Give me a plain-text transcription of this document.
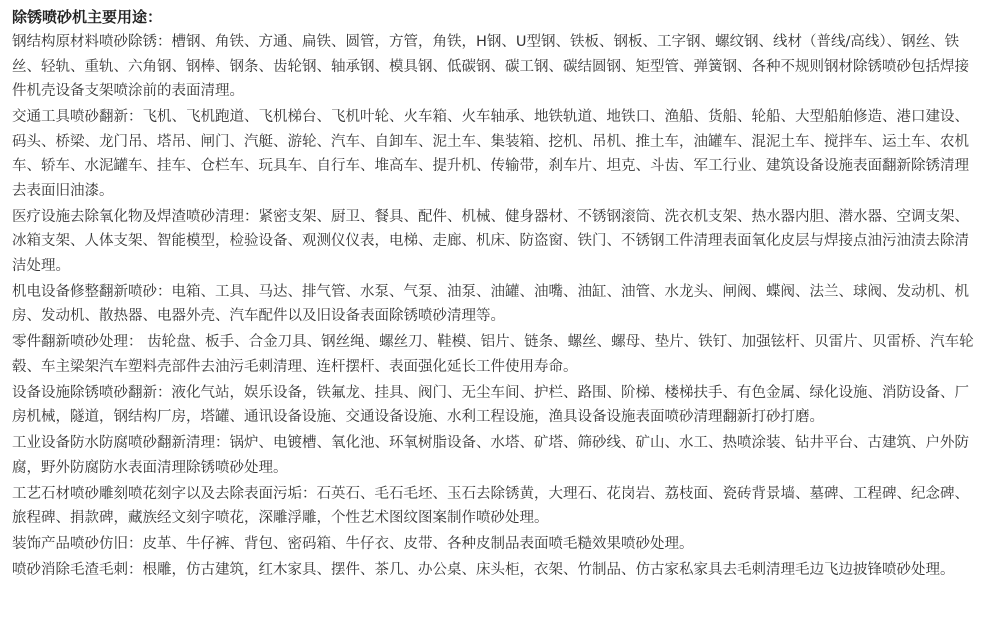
除锈喷砂机主要用途：

钢结构原材料喷砂除锈：槽钢、角铁、方通、扁铁、圆管，方管，角铁，H钢、U型钢、铁板、钢板、工字钢、螺纹钢、线材（普线/高线）、钢丝、铁丝、轻轨、重轨、六角钢、钢棒、钢条、齿轮钢、轴承钢、模具钢、低碳钢、碳工钢、碳结圆钢、矩型管、弹簧钢、各种不规则钢材除锈喷砂包括焊接件机壳设备支架喷涂前的表面清理。

交通工具喷砂翻新：飞机、飞机跑道、飞机梯台、飞机叶轮、火车箱、火车轴承、地铁轨道、地铁口、渔船、货船、轮船、大型船舶修造、港口建设、码头、桥梁、龙门吊、塔吊、闸门、汽艇、游轮、汽车、自卸车、泥土车、集装箱、挖机、吊机、推土车，油罐车、混泥土车、搅拌车、运土车、农机车、轿车、水泥罐车、挂车、仓栏车、玩具车、自行车、堆高车、提升机、传输带，刹车片、坦克、斗齿、军工行业、建筑设备设施表面翻新除锈清理去表面旧油漆。

医疗设施去除氧化物及焊渣喷砂清理：紧密支架、厨卫、餐具、配件、机械、健身器材、不锈钢滚筒、洗衣机支架、热水器内胆、潜水器、空调支架、冰箱支架、人体支架、智能模型，检验设备、观测仪仪表，电梯、走廊、机床、防盗窗、铁门、不锈钢工件清理表面氧化皮层与焊接点油污油渍去除清洁处理。

机电设备修整翻新喷砂：电箱、工具、马达、排气管、水泵、气泵、油泵、油罐、油嘴、油缸、油管、水龙头、闸阀、蝶阀、法兰、球阀、发动机、机房、发动机、散热器、电器外壳、汽车配件以及旧设备表面除锈喷砂清理等。

零件翻新喷砂处理： 齿轮盘、板手、合金刀具、钢丝绳、螺丝刀、鞋模、铝片、链条、螺丝、螺母、垫片、铁钉、加强铉杆、贝雷片、贝雷桥、汽车轮毂、车主梁架汽车塑料壳部件去油污毛刺清理、连杆摆杆、表面强化延长工件使用寿命。

设备设施除锈喷砂翻新：液化气站，娱乐设备，铁氟龙、挂具、阀门、无尘车间、护栏、路围、阶梯、楼梯扶手、有色金属、绿化设施、消防设备、厂房机械，隧道，钢结构厂房，塔罐、通讯设备设施、交通设备设施、水利工程设施，渔具设备设施表面喷砂清理翻新打砂打磨。

工业设备防水防腐喷砂翻新清理：锅炉、电镀槽、氧化池、环氧树脂设备、水塔、矿塔、筛砂线、矿山、水工、热喷涂装、钻井平台、古建筑、户外防腐，野外防腐防水表面清理除锈喷砂处理。

工艺石材喷砂雕刻喷花刻字以及去除表面污垢：石英石、毛石毛坯、玉石去除锈黄，大理石、花岗岩、荔枝面、瓷砖背景墙、墓碑、工程碑、纪念碑、旅程碑、捐款碑，藏族经文刻字喷花，深雕浮雕，个性艺术图纹图案制作喷砂处理。

装饰产品喷砂仿旧：皮革、牛仔裤、背包、密码箱、牛仔衣、皮带、各种皮制品表面喷毛糙效果喷砂处理。

喷砂消除毛渣毛刺：根雕，仿古建筑，红木家具、摆件、茶几、办公桌、床头柜，衣架、竹制品、仿古家私家具去毛刺清理毛边飞边披锋喷砂处理。
